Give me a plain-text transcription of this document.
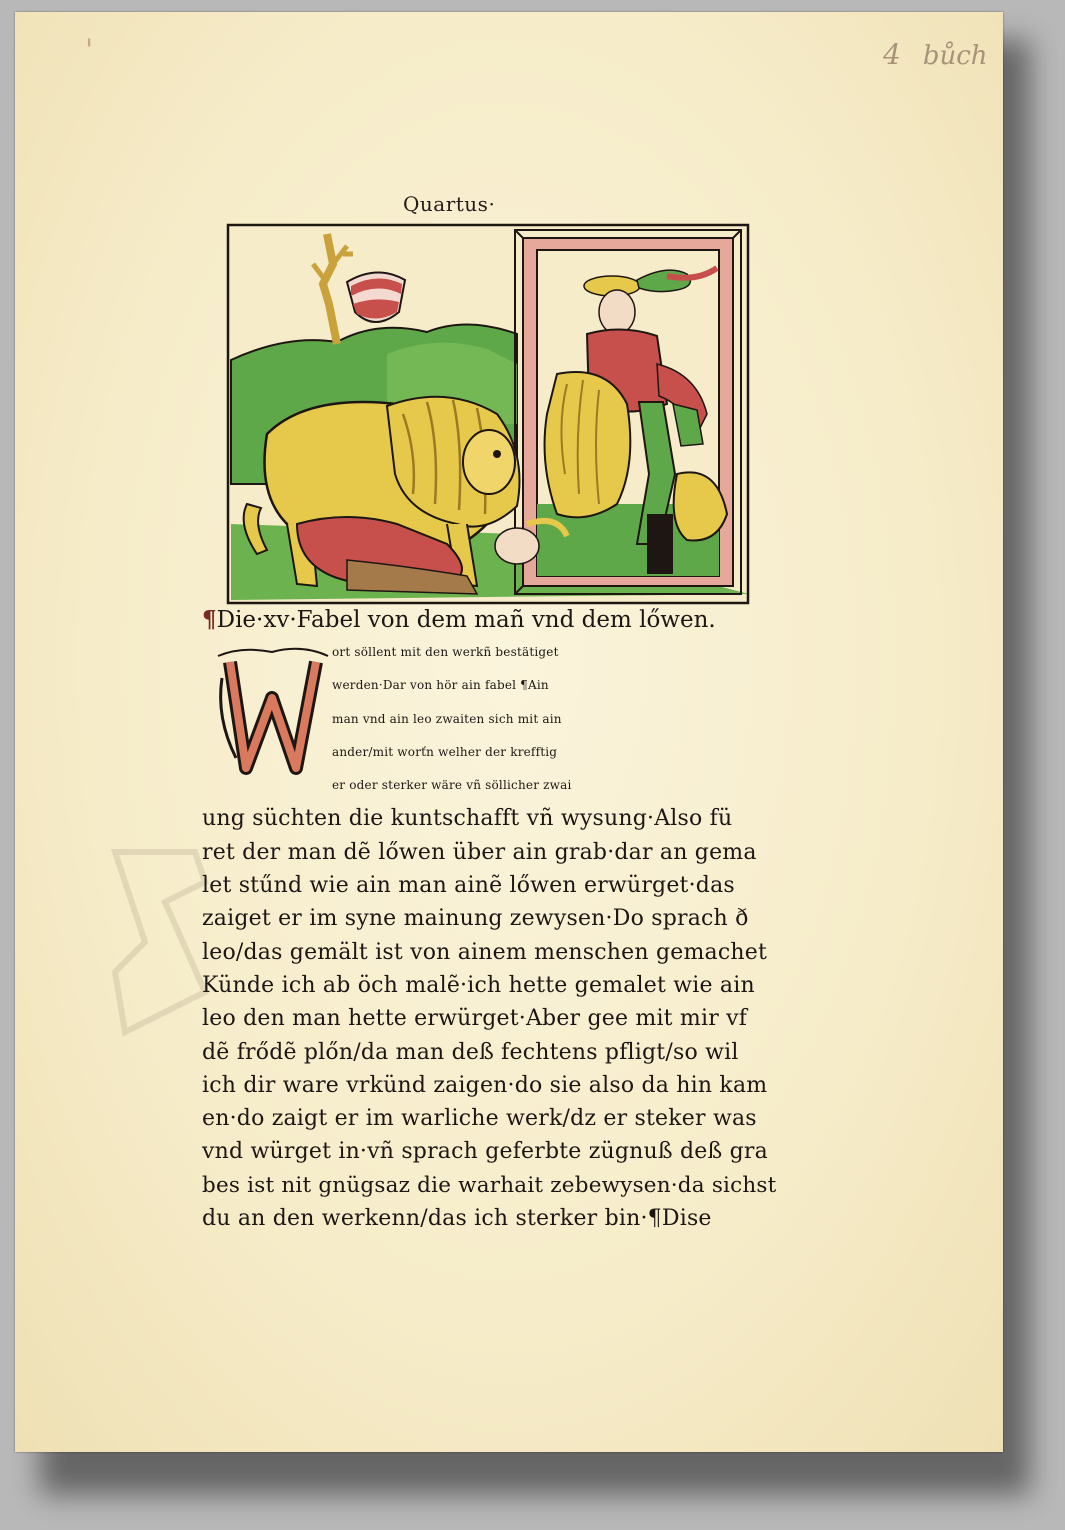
'	4 bůch
Quartus·
¶Die·xv·Fabel von dem mañ vnd dem lőwen.
W
ort söllent mit den werkñ bestätiget
werden·Dar von hör ain fabel ¶Ain
man vnd ain leo zwaiten sich mit ain
ander/mit worťn welher der krefftig
er oder sterker wäre vñ söllicher zwai
ung süchten die kuntschafft vñ wysung·Also fü
ret der man dẽ lőwen über ain grab·dar an gema
let stűnd wie ain man ainẽ lőwen erwürget·das
zaiget er im syne mainung zewysen·Do sprach ð
leo/das gemält ist von ainem menschen gemachet
Künde ich ab öch malẽ·ich hette gemalet wie ain
leo den man hette erwürget·Aber gee mit mir vf
dẽ frődẽ plőn/da man deß fechtens pfligt/so wil
ich dir ware vrkünd zaigen·do sie also da hin kam
en·do zaigt er im warliche werk/dz er steker was
vnd würget in·vñ sprach geferbte zügnuß deß gra
bes ist nit gnügsaz die warhait zebewysen·da sichst
du an den werkenn/das ich sterker bin·¶Dise
